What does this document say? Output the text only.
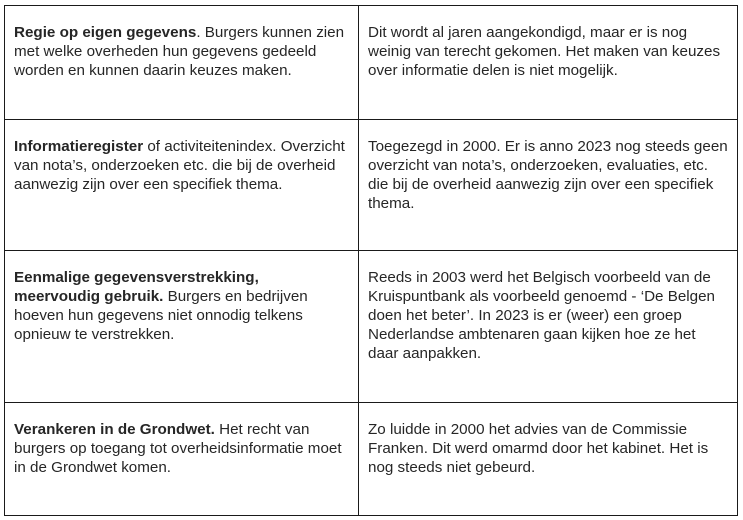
Regie op eigen gegevens. Burgers kunnen zien met welke overheden hun gegevens gedeeld worden en kunnen daarin keuzes maken.	Dit wordt al jaren aangekondigd, maar er is nog weinig van terecht gekomen. Het maken van keuzes over informatie delen is niet mogelijk.
Informatieregister of activiteitenindex. Overzicht van nota’s, onderzoeken etc. die bij de overheid aanwezig zijn over een specifiek thema.	Toegezegd in 2000. Er is anno 2023 nog steeds geen overzicht van nota’s, onderzoeken, evaluaties, etc. die bij de overheid aanwezig zijn over een specifiek thema.
Eenmalige gegevensverstrekking, meervoudig gebruik. Burgers en bedrijven hoeven hun gegevens niet onnodig telkens opnieuw te verstrekken.	Reeds in 2003 werd het Belgisch voorbeeld van de Kruispuntbank als voorbeeld genoemd - ‘De Belgen doen het beter’. In 2023 is er (weer) een groep Nederlandse ambtenaren gaan kijken hoe ze het daar aanpakken.
Verankeren in de Grondwet. Het recht van burgers op toegang tot overheidsinformatie moet in de Grondwet komen.	Zo luidde in 2000 het advies van de Commissie Franken. Dit werd omarmd door het kabinet. Het is nog steeds niet gebeurd.
